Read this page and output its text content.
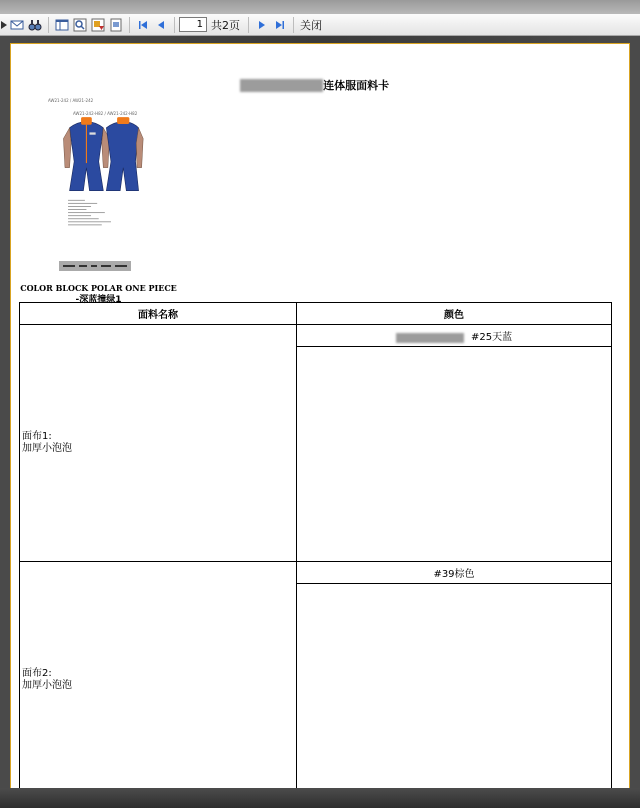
1
共2页	关闭
连体服面料卡
AW21-242 / AW21-242
AW21-242-H82 / AW21-242-H82
COLOR BLOCK POLAR ONE PIECE
-深蓝撞绿1
面料名称	颜色

面布1:
加厚小泡泡	#25天蓝

面布2:
加厚小泡泡	#39棕色
